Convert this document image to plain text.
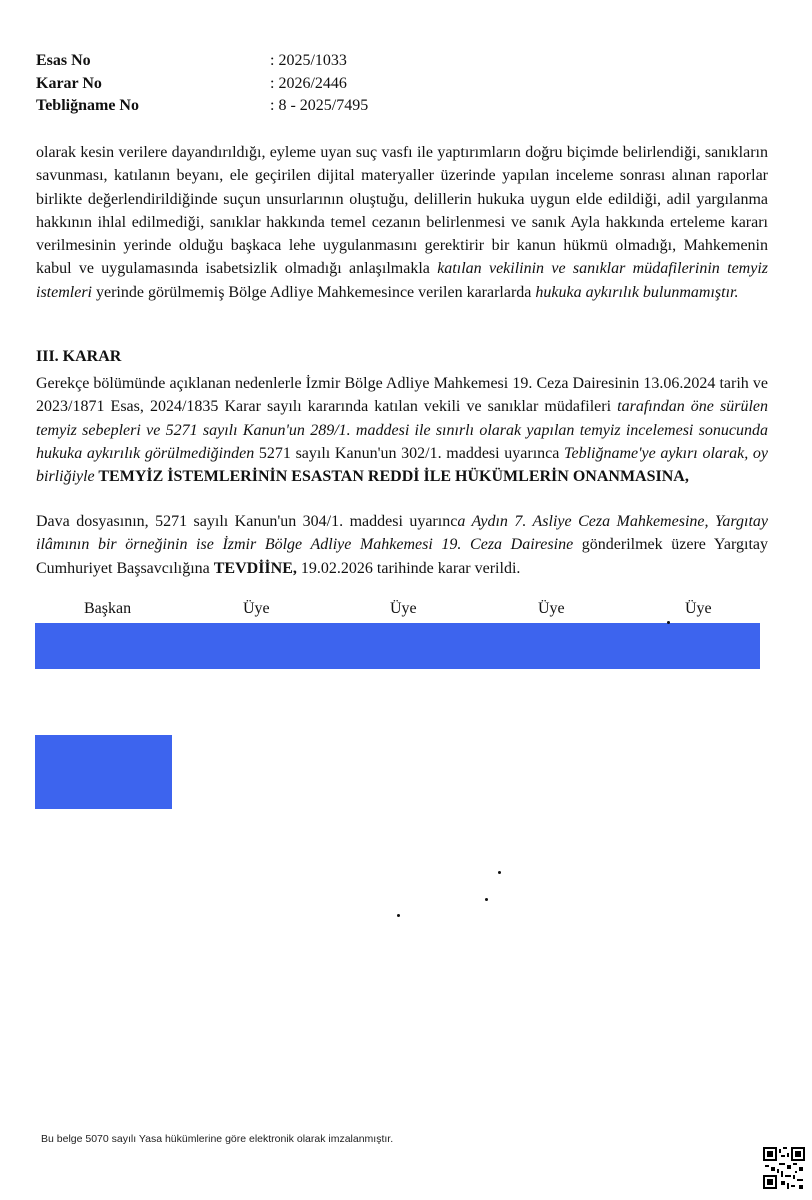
Esas No	: 2025/1033
Karar No	: 2026/2446
Tebliğname No	: 8 - 2025/7495

olarak kesin verilere dayandırıldığı, eyleme uyan suç vasfı ile yaptırımların doğru biçimde belirlendiği, sanıkların savunması, katılanın beyanı, ele geçirilen dijital materyaller üzerinde yapılan inceleme sonrası alınan raporlar birlikte değerlendirildiğinde suçun unsurlarının oluştuğu, delillerin hukuka uygun elde edildiği, adil yargılanma hakkının ihlal edilmediği, sanıklar hakkında temel cezanın belirlenmesi ve sanık Ayla hakkında erteleme kararı verilmesinin yerinde olduğu başkaca lehe uygulanmasını gerektirir bir kanun hükmü olmadığı, Mahkemenin kabul ve uygulamasında isabetsizlik olmadığı anlaşılmakla katılan vekilinin ve sanıklar müdafilerinin temyiz istemleri yerinde görülmemiş Bölge Adliye Mahkemesince verilen kararlarda hukuka aykırılık bulunmamıştır.

III. KARAR

Gerekçe bölümünde açıklanan nedenlerle İzmir Bölge Adliye Mahkemesi 19. Ceza Dairesinin 13.06.2024 tarih ve 2023/1871 Esas, 2024/1835 Karar sayılı kararında katılan vekili ve sanıklar müdafileri tarafından öne sürülen temyiz sebepleri ve 5271 sayılı Kanun'un 289/1. maddesi ile sınırlı olarak yapılan temyiz incelemesi sonucunda hukuka aykırılık görülmediğinden 5271 sayılı Kanun'un 302/1. maddesi uyarınca Tebliğname'ye aykırı olarak, oy birliğiyle TEMYİZ İSTEMLERİNİN ESASTAN REDDİ İLE HÜKÜMLERİN ONANMASINA,

Dava dosyasının, 5271 sayılı Kanun'un 304/1. maddesi uyarınca Aydın 7. Asliye Ceza Mahkemesine, Yargıtay ilâmının bir örneğinin ise İzmir Bölge Adliye Mahkemesi 19. Ceza Dairesine gönderilmek üzere Yargıtay Cumhuriyet Başsavcılığına TEVDİİNE, 19.02.2026 tarihinde karar verildi.

Başkan	Üye	Üye	Üye	Üye
Bu belge 5070 sayılı Yasa hükümlerine göre elektronik olarak imzalanmıştır.
